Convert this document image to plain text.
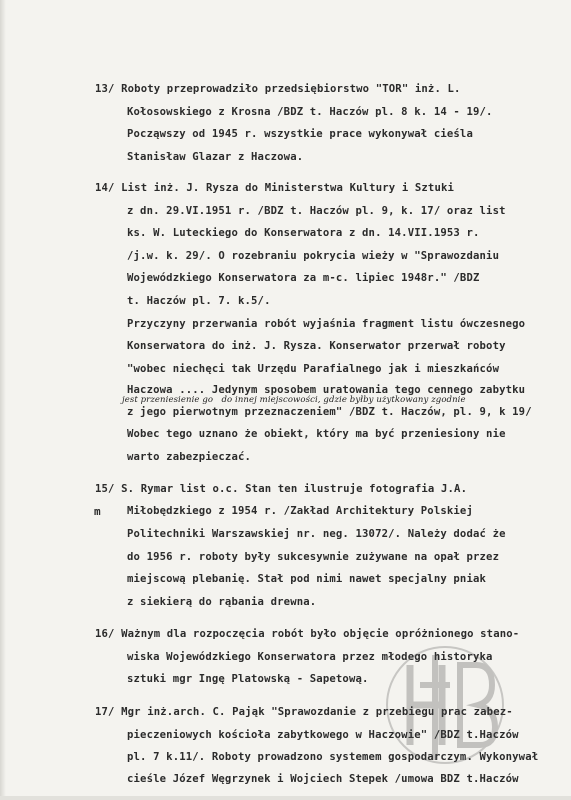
13/ Roboty przeprowadziło przedsiębiorstwo "TOR" inż. L.
Kołosowskiego z Krosna /BDZ t. Haczów pl. 8 k. 14 - 19/.
Począwszy od 1945 r. wszystkie prace wykonywał cieśla
Stanisław Glazar z Haczowa.
14/ List inż. J. Rysza do Ministerstwa Kultury i Sztuki
z dn. 29.VI.1951 r. /BDZ t. Haczów pl. 9, k. 17/ oraz list
ks. W. Luteckiego do Konserwatora z dn. 14.VII.1953 r.
/j.w. k. 29/. O rozebraniu pokrycia wieży w "Sprawozdaniu
Wojewódzkiego Konserwatora za m-c. lipiec 1948r." /BDZ
t. Haczów pl. 7. k.5/.
Przyczyny przerwania robót wyjaśnia fragment listu ówczesnego
Konserwatora do inż. J. Rysza. Konserwator przerwał roboty
"wobec niechęci tak Urzędu Parafialnego jak i mieszkańców
Haczowa .... Jedynym sposobem uratowania tego cennego zabytku
jest przeniesienie go   do innej miejscowości, gdzie byłby użytkowany zgodnie
z jego pierwotnym przeznaczeniem" /BDZ t. Haczów, pl. 9, k 19/
Wobec tego uznano że obiekt, który ma być przeniesiony nie
warto zabezpieczać.
15/ S. Rymar list o.c. Stan ten ilustruje fotografia J.A.
m Miłobędzkiego z 1954 r. /Zakład Architektury Polskiej
Politechniki Warszawskiej nr. neg. 13072/. Należy dodać że
do 1956 r. roboty były sukcesywnie zużywane na opał przez
miejscową plebanię. Stał pod nimi nawet specjalny pniak
z siekierą do rąbania drewna.
16/ Ważnym dla rozpoczęcia robót było objęcie opróżnionego stano-
wiska Wojewódzkiego Konserwatora przez młodego historyka
sztuki mgr Ingę Platowską - Sapetową.
17/ Mgr inż.arch. C. Pająk "Sprawozdanie z przebiegu prac zabez-
pieczeniowych kościoła zabytkowego w Haczowie" /BDZ t.Haczów
pl. 7 k.11/. Roboty prowadzono systemem gospodarczym. Wykonywał
cieśle Józef Węgrzynek i Wojciech Stepek /umowa BDZ t.Haczów
